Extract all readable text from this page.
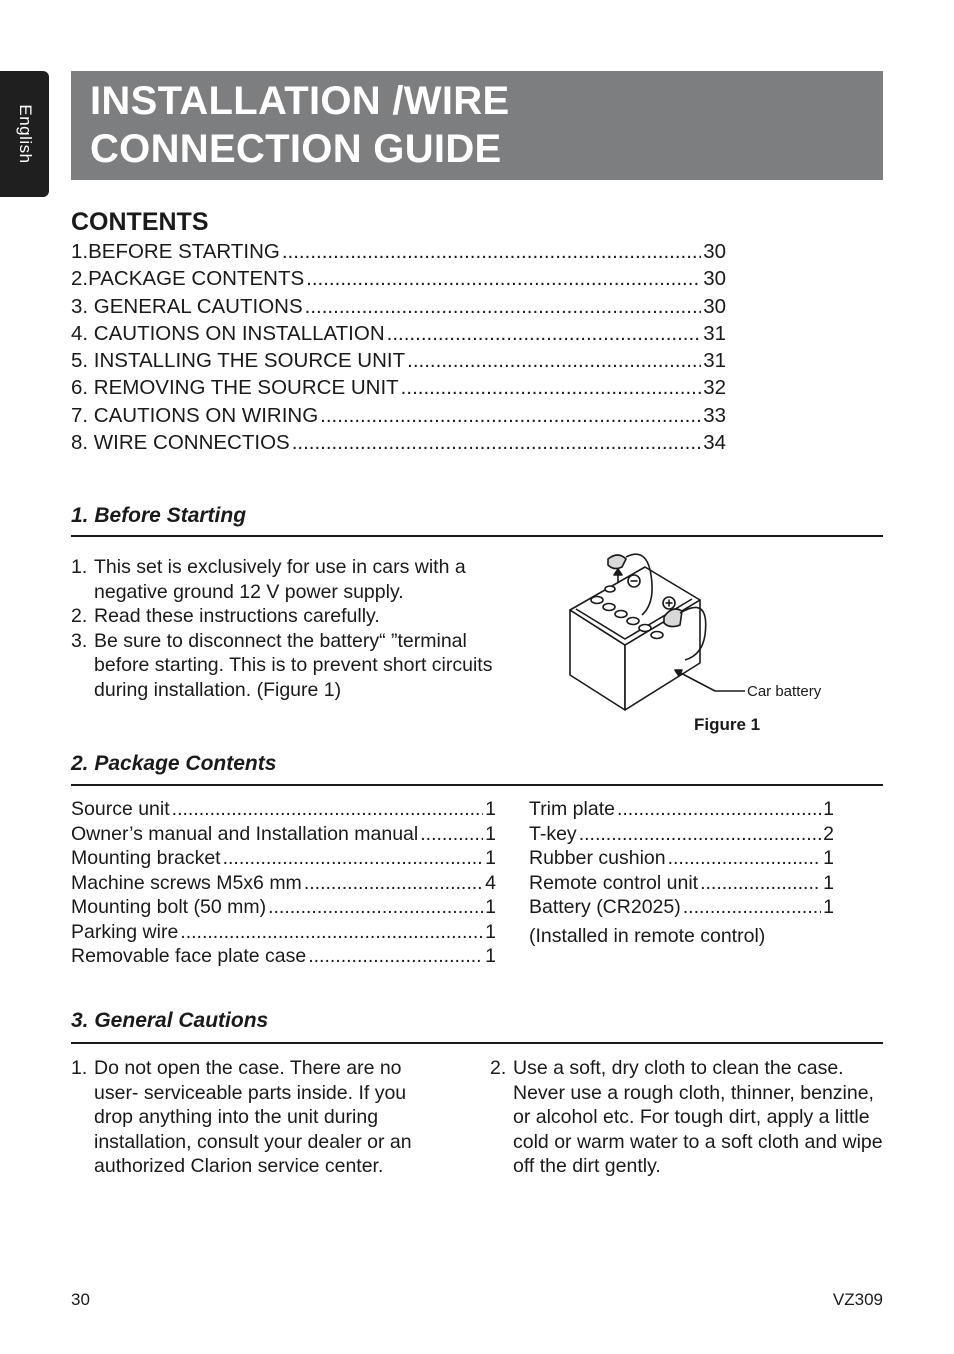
English
INSTALLATION /WIRE
CONNECTION GUIDE
CONTENTS
1.BEFORE STARTING .....	30
2.PACKAGE CONTENTS .....	30
3. GENERAL CAUTIONS .....	30
4. CAUTIONS ON INSTALLATION .....	31
5. INSTALLING THE SOURCE UNIT .....	31
6. REMOVING THE SOURCE UNIT .....	32
7. CAUTIONS ON WIRING .....	33
8. WIRE CONNECTIOS .....	34
1. Before Starting
1. This set is exclusively for use in cars with a negative ground 12 V power supply.
2. Read these instructions carefully.
3. Be sure to disconnect the battery“ ”terminal before starting. This is to prevent short circuits during installation. (Figure 1)	Car battery
Figure 1
2. Package Contents
Source unit .....	1
Owner’s manual and Installation manual .....	1
Mounting bracket .....	1
Machine screws M5x6 mm .....	4
Mounting bolt (50 mm) .....	1
Parking wire .....	1
Removable face plate case .....	1
Trim plate .....	1
T-key .....	2
Rubber cushion .....	1
Remote control unit .....	1
Battery (CR2025) .....	1
(Installed in remote control)
3. General Cautions
1. Do not open the case. There are no user- serviceable parts inside. If you drop anything into the unit during installation, consult your dealer or an authorized Clarion service center.
2. Use a soft, dry cloth to clean the case. Never use a rough cloth, thinner, benzine, or alcohol etc. For tough dirt, apply a little cold or warm water to a soft cloth and wipe off the dirt gently.
30	VZ309
